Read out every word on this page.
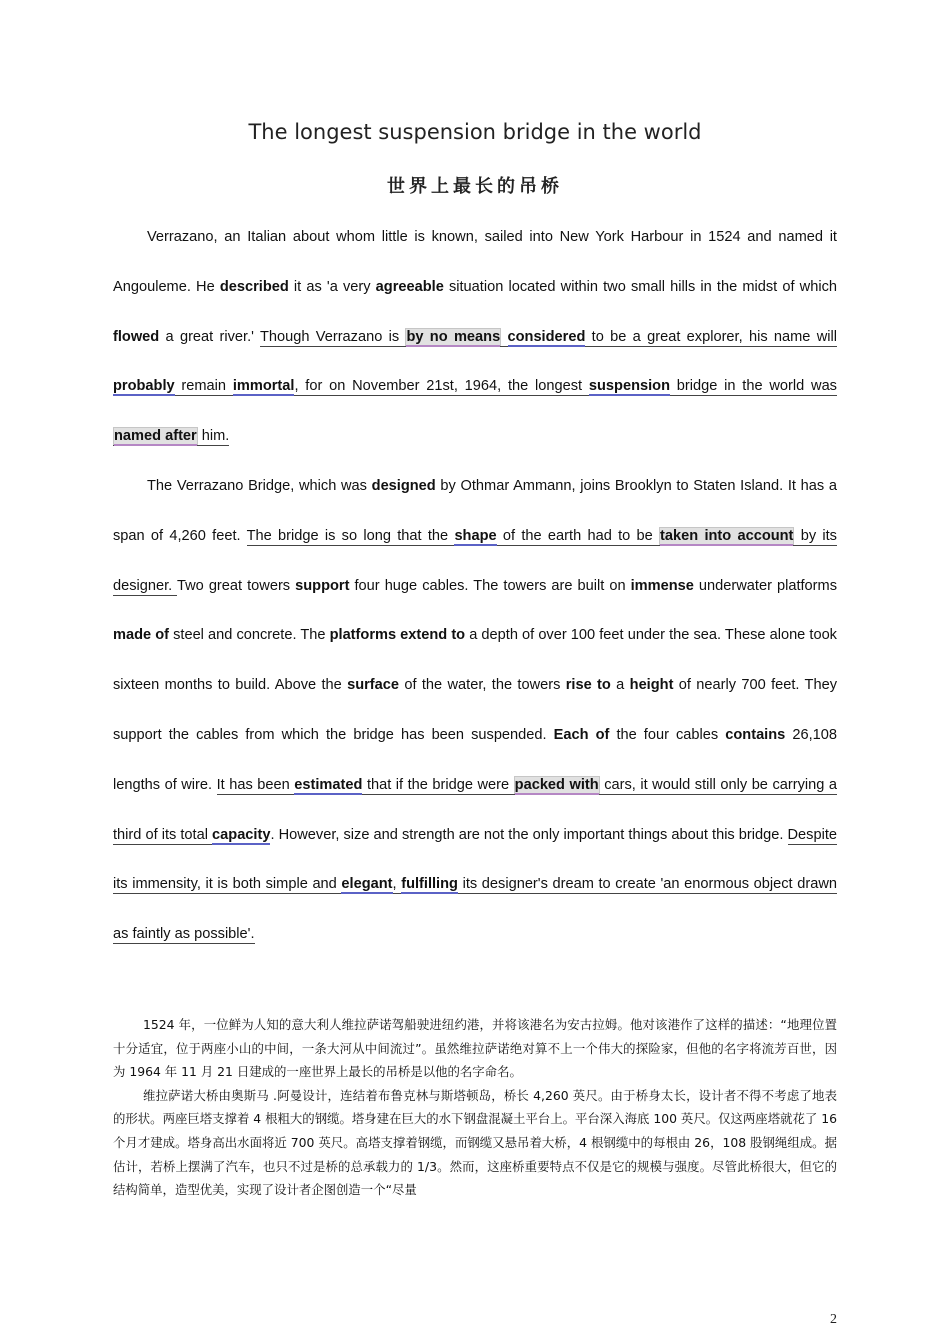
The longest suspension bridge in the world
世界上最长的吊桥

Verrazano, an Italian about whom little is known, sailed into New York Harbour in 1524 and named it Angouleme. He described it as 'a very agreeable situation located within two small hills in the midst of which flowed a great river.' Though Verrazano is by no means considered to be a great explorer, his name will probably remain immortal, for on November 21st, 1964, the longest suspension bridge in the world was named after him.

The Verrazano Bridge, which was designed by Othmar Ammann, joins Brooklyn to Staten Island. It has a span of 4,260 feet. The bridge is so long that the shape of the earth had to be taken into account by its designer. Two great towers support four huge cables. The towers are built on immense underwater platforms made of steel and concrete. The platforms extend to a depth of over 100 feet under the sea. These alone took sixteen months to build. Above the surface of the water, the towers rise to a height of nearly 700 feet. They support the cables from which the bridge has been suspended. Each of the four cables contains 26,108 lengths of wire. It has been estimated that if the bridge were packed with cars, it would still only be carrying a third of its total capacity. However, size and strength are not the only important things about this bridge. Despite its immensity, it is both simple and elegant, fulfilling its designer's dream to create 'an enormous object drawn as faintly as possible'.

1524 年，一位鲜为人知的意大利人维拉萨诺驾船驶进纽约港，并将该港名为安古拉姆。他对该港作了这样的描述：“地理位置十分适宜，位于两座小山的中间，一条大河从中间流过”。虽然维拉萨诺绝对算不上一个伟大的探险家，但他的名字将流芳百世，因为 1964 年 11 月 21 日建成的一座世界上最长的吊桥是以他的名字命名。

维拉萨诺大桥由奥斯马 .阿曼设计，连结着布鲁克林与斯塔顿岛，桥长 4,260 英尺。由于桥身太长，设计者不得不考虑了地表的形状。两座巨塔支撑着 4 根粗大的钢缆。塔身建在巨大的水下钢盘混凝土平台上。平台深入海底 100 英尺。仅这两座塔就花了 16 个月才建成。塔身高出水面将近 700 英尺。高塔支撑着钢缆，而钢缆又悬吊着大桥，4 根钢缆中的每根由 26，108 股钢绳组成。据估计，若桥上摆满了汽车，也只不过是桥的总承载力的 1/3。然而，这座桥重要特点不仅是它的规模与强度。尽管此桥很大，但它的结构简单，造型优美，实现了设计者企图创造一个“尽量

2
